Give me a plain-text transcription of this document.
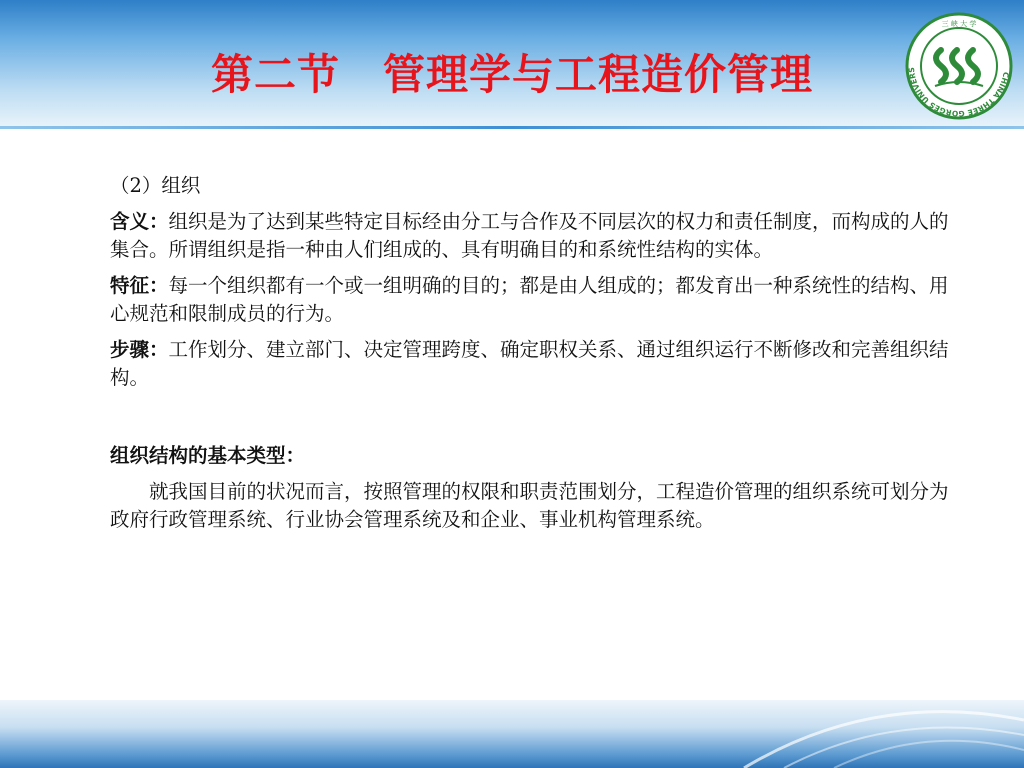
第二节　管理学与工程造价管理	CHINA THREE GORGES UNIVERS
三 峡 大 学

（2）组织

含义：组织是为了达到某些特定目标经由分工与合作及不同层次的权力和责任制度，而构成的人的集合。所谓组织是指一种由人们组成的、具有明确目的和系统性结构的实体。

特征：每一个组织都有一个或一组明确的目的；都是由人组成的；都发育出一种系统性的结构、用心规范和限制成员的行为。

步骤：工作划分、建立部门、决定管理跨度、确定职权关系、通过组织运行不断修改和完善组织结构。

组织结构的基本类型：

就我国目前的状况而言，按照管理的权限和职责范围划分，工程造价管理的组织系统可划分为政府行政管理系统、行业协会管理系统及和企业、事业机构管理系统。
